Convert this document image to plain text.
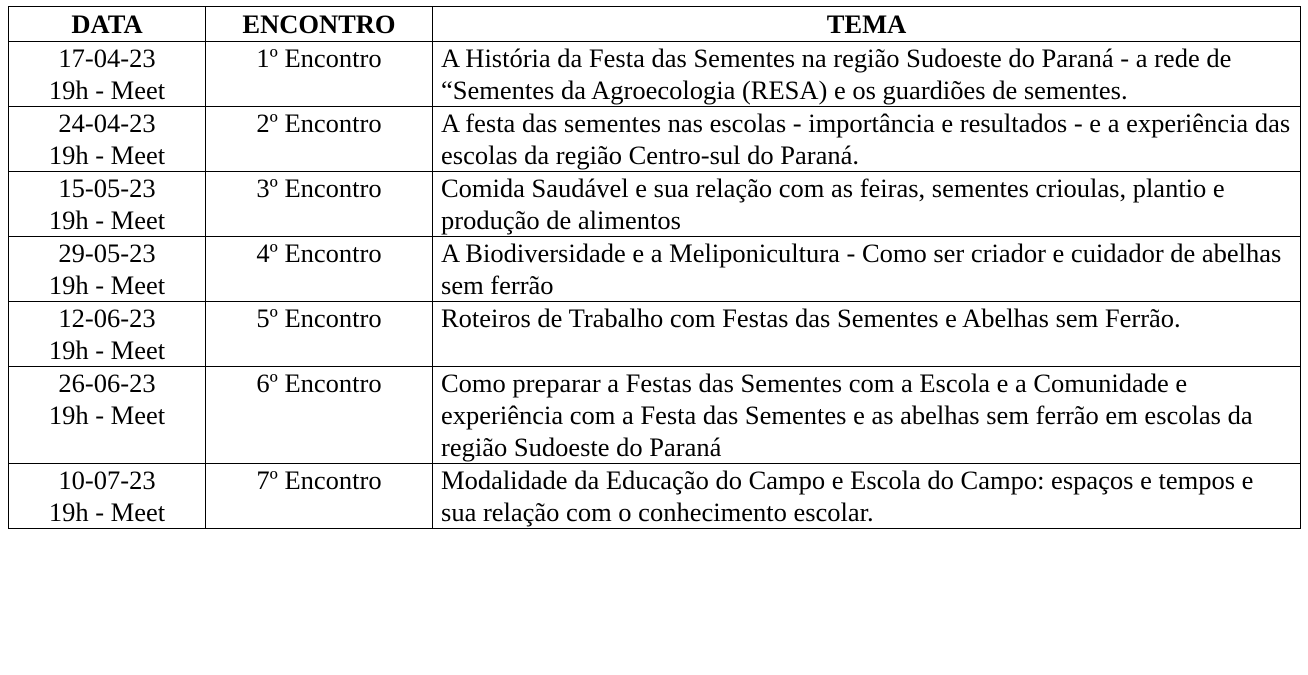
DATA	ENCONTRO	TEMA

17-04-23
19h - Meet	1º Encontro	A História da Festa das Sementes na região Sudoeste do Paraná - a rede de “Sementes da Agroecologia (RESA) e os guardiões de sementes.

24-04-23
19h - Meet	2º Encontro	A festa das sementes nas escolas - importância e resultados - e a experiência das escolas da região Centro-sul do Paraná.

15-05-23
19h - Meet	3º Encontro	Comida Saudável e sua relação com as feiras, sementes crioulas, plantio e produção de alimentos

29-05-23
19h - Meet	4º Encontro	A Biodiversidade e a Meliponicultura - Como ser criador e cuidador de abelhas sem ferrão

12-06-23
19h - Meet	5º Encontro	Roteiros de Trabalho com Festas das Sementes e Abelhas sem Ferrão.

26-06-23
19h - Meet	6º Encontro	Como preparar a Festas das Sementes com a Escola e a Comunidade e experiência com a Festa das Sementes e as abelhas sem ferrão em escolas da região Sudoeste do Paraná

10-07-23
19h - Meet	7º Encontro	Modalidade da Educação do Campo e Escola do Campo: espaços e tempos e sua relação com o conhecimento escolar.
